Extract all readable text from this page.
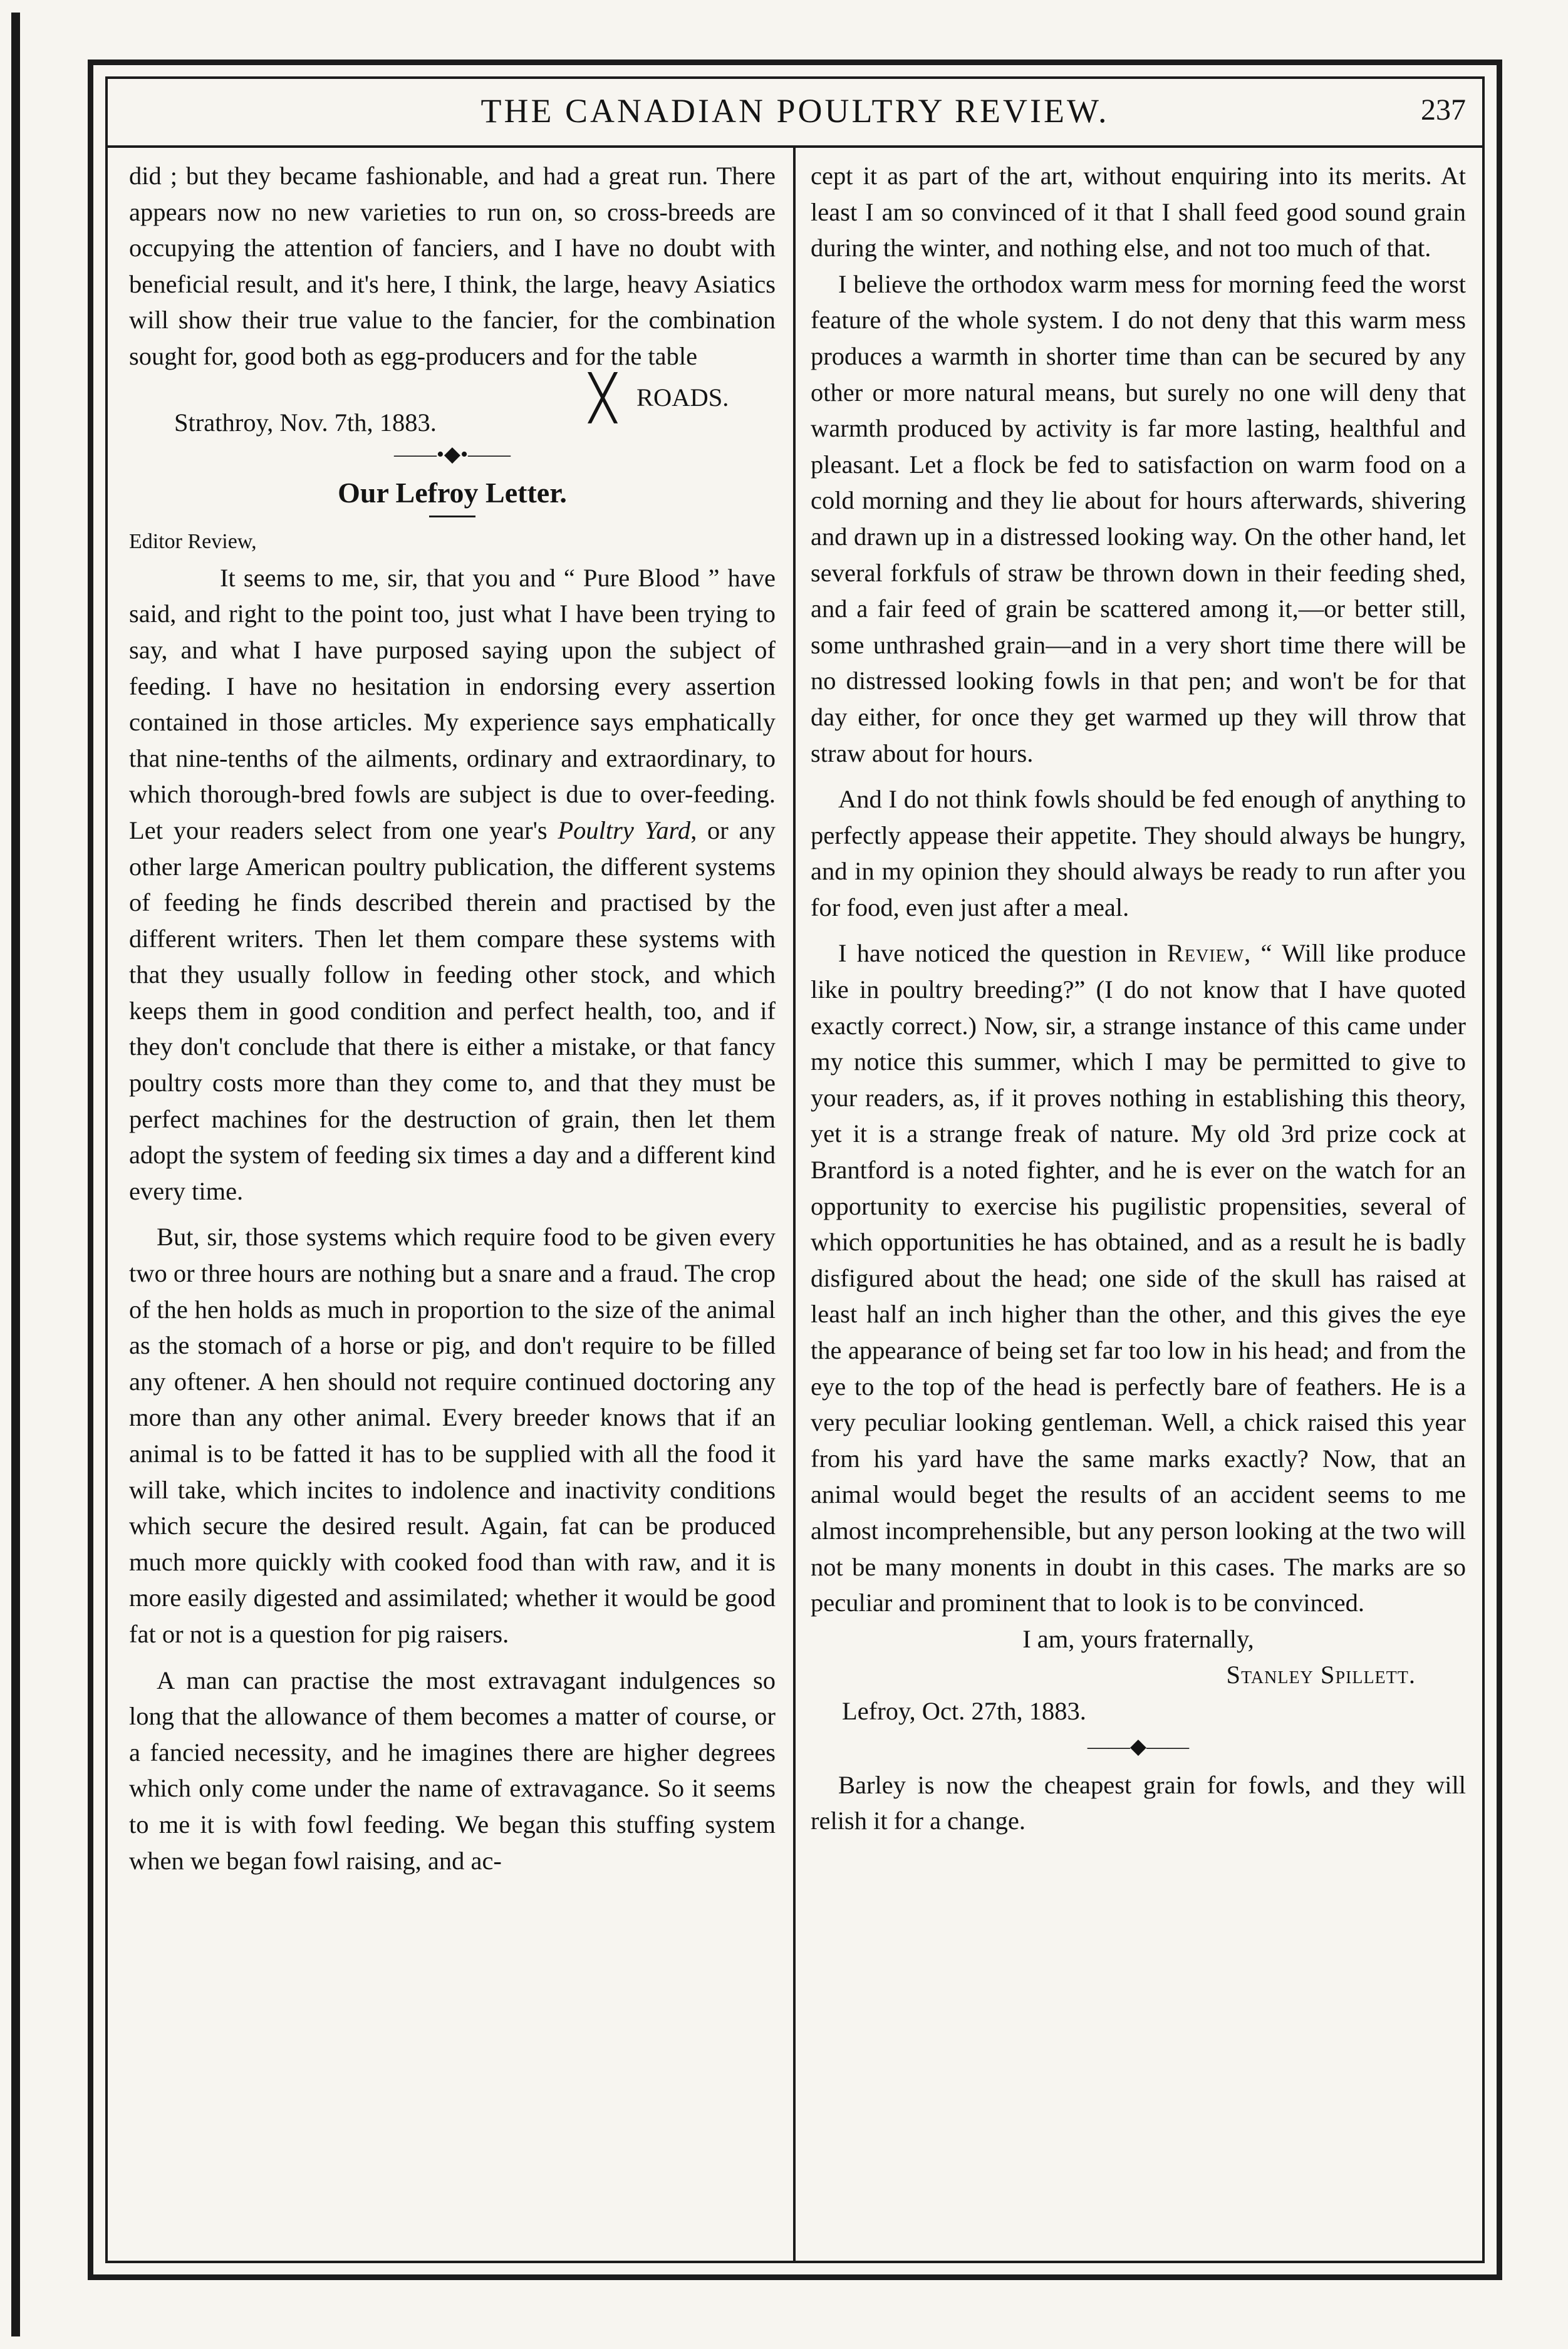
THE CANADIAN POULTRY REVIEW.	237

did ; but they became fashionable, and had a great run. There appears now no new varieties to run on, so cross-breeds are occupying the attention of fanciers, and I have no doubt with beneficial result, and it's here, I think, the large, heavy Asiatics will show their true value to the fancier, for the combination sought for, good both as egg-producers and for the table

╳ ROADS.
Strathroy, Nov. 7th, 1883.
——•◆•——
Our Lefroy Letter.

Editor Review,

It seems to me, sir, that you and “ Pure Blood ” have said, and right to the point too, just what I have been trying to say, and what I have purposed saying upon the subject of feeding. I have no hesitation in endorsing every assertion contained in those articles. My experience says emphatically that nine-tenths of the ailments, ordinary and extraordinary, to which thorough-bred fowls are subject is due to over-feeding. Let your readers select from one year's Poultry Yard, or any other large American poultry publication, the different systems of feeding he finds described therein and practised by the different writers. Then let them compare these systems with that they usually follow in feeding other stock, and which keeps them in good condition and perfect health, too, and if they don't conclude that there is either a mistake, or that fancy poultry costs more than they come to, and that they must be perfect machines for the destruction of grain, then let them adopt the system of feeding six times a day and a different kind every time.

But, sir, those systems which require food to be given every two or three hours are nothing but a snare and a fraud. The crop of the hen holds as much in proportion to the size of the animal as the stomach of a horse or pig, and don't require to be filled any oftener. A hen should not require continued doctoring any more than any other animal. Every breeder knows that if an animal is to be fatted it has to be supplied with all the food it will take, which incites to indolence and inactivity conditions which secure the desired result. Again, fat can be produced much more quickly with cooked food than with raw, and it is more easily digested and assimilated; whether it would be good fat or not is a question for pig raisers.

A man can practise the most extravagant indulgences so long that the allowance of them becomes a matter of course, or a fancied necessity, and he imagines there are higher degrees which only come under the name of extravagance. So it seems to me it is with fowl feeding. We began this stuffing system when we began fowl raising, and ac-

cept it as part of the art, without enquiring into its merits. At least I am so convinced of it that I shall feed good sound grain during the winter, and nothing else, and not too much of that.

I believe the orthodox warm mess for morning feed the worst feature of the whole system. I do not deny that this warm mess produces a warmth in shorter time than can be secured by any other or more natural means, but surely no one will deny that warmth produced by activity is far more lasting, healthful and pleasant. Let a flock be fed to satisfaction on warm food on a cold morning and they lie about for hours afterwards, shivering and drawn up in a distressed looking way. On the other hand, let several forkfuls of straw be thrown down in their feeding shed, and a fair feed of grain be scattered among it,—or better still, some unthrashed grain—and in a very short time there will be no distressed looking fowls in that pen; and won't be for that day either, for once they get warmed up they will throw that straw about for hours.

And I do not think fowls should be fed enough of anything to perfectly appease their appetite. They should always be hungry, and in my opinion they should always be ready to run after you for food, even just after a meal.

I have noticed the question in Review, “ Will like produce like in poultry breeding?” (I do not know that I have quoted exactly correct.) Now, sir, a strange instance of this came under my notice this summer, which I may be permitted to give to your readers, as, if it proves nothing in establishing this theory, yet it is a strange freak of nature. My old 3rd prize cock at Brantford is a noted fighter, and he is ever on the watch for an opportunity to exercise his pugilistic propensities, several of which opportunities he has obtained, and as a result he is badly disfigured about the head; one side of the skull has raised at least half an inch higher than the other, and this gives the eye the appearance of being set far too low in his head; and from the eye to the top of the head is perfectly bare of feathers. He is a very peculiar looking gentleman. Well, a chick raised this year from his yard have the same marks exactly? Now, that an animal would beget the results of an accident seems to me almost incomprehensible, but any person looking at the two will not be many monents in doubt in this cases. The marks are so peculiar and prominent that to look is to be convinced.

I am, yours fraternally,

Stanley Spillett.

Lefroy, Oct. 27th, 1883.

——◆——

Barley is now the cheapest grain for fowls, and they will relish it for a change.
